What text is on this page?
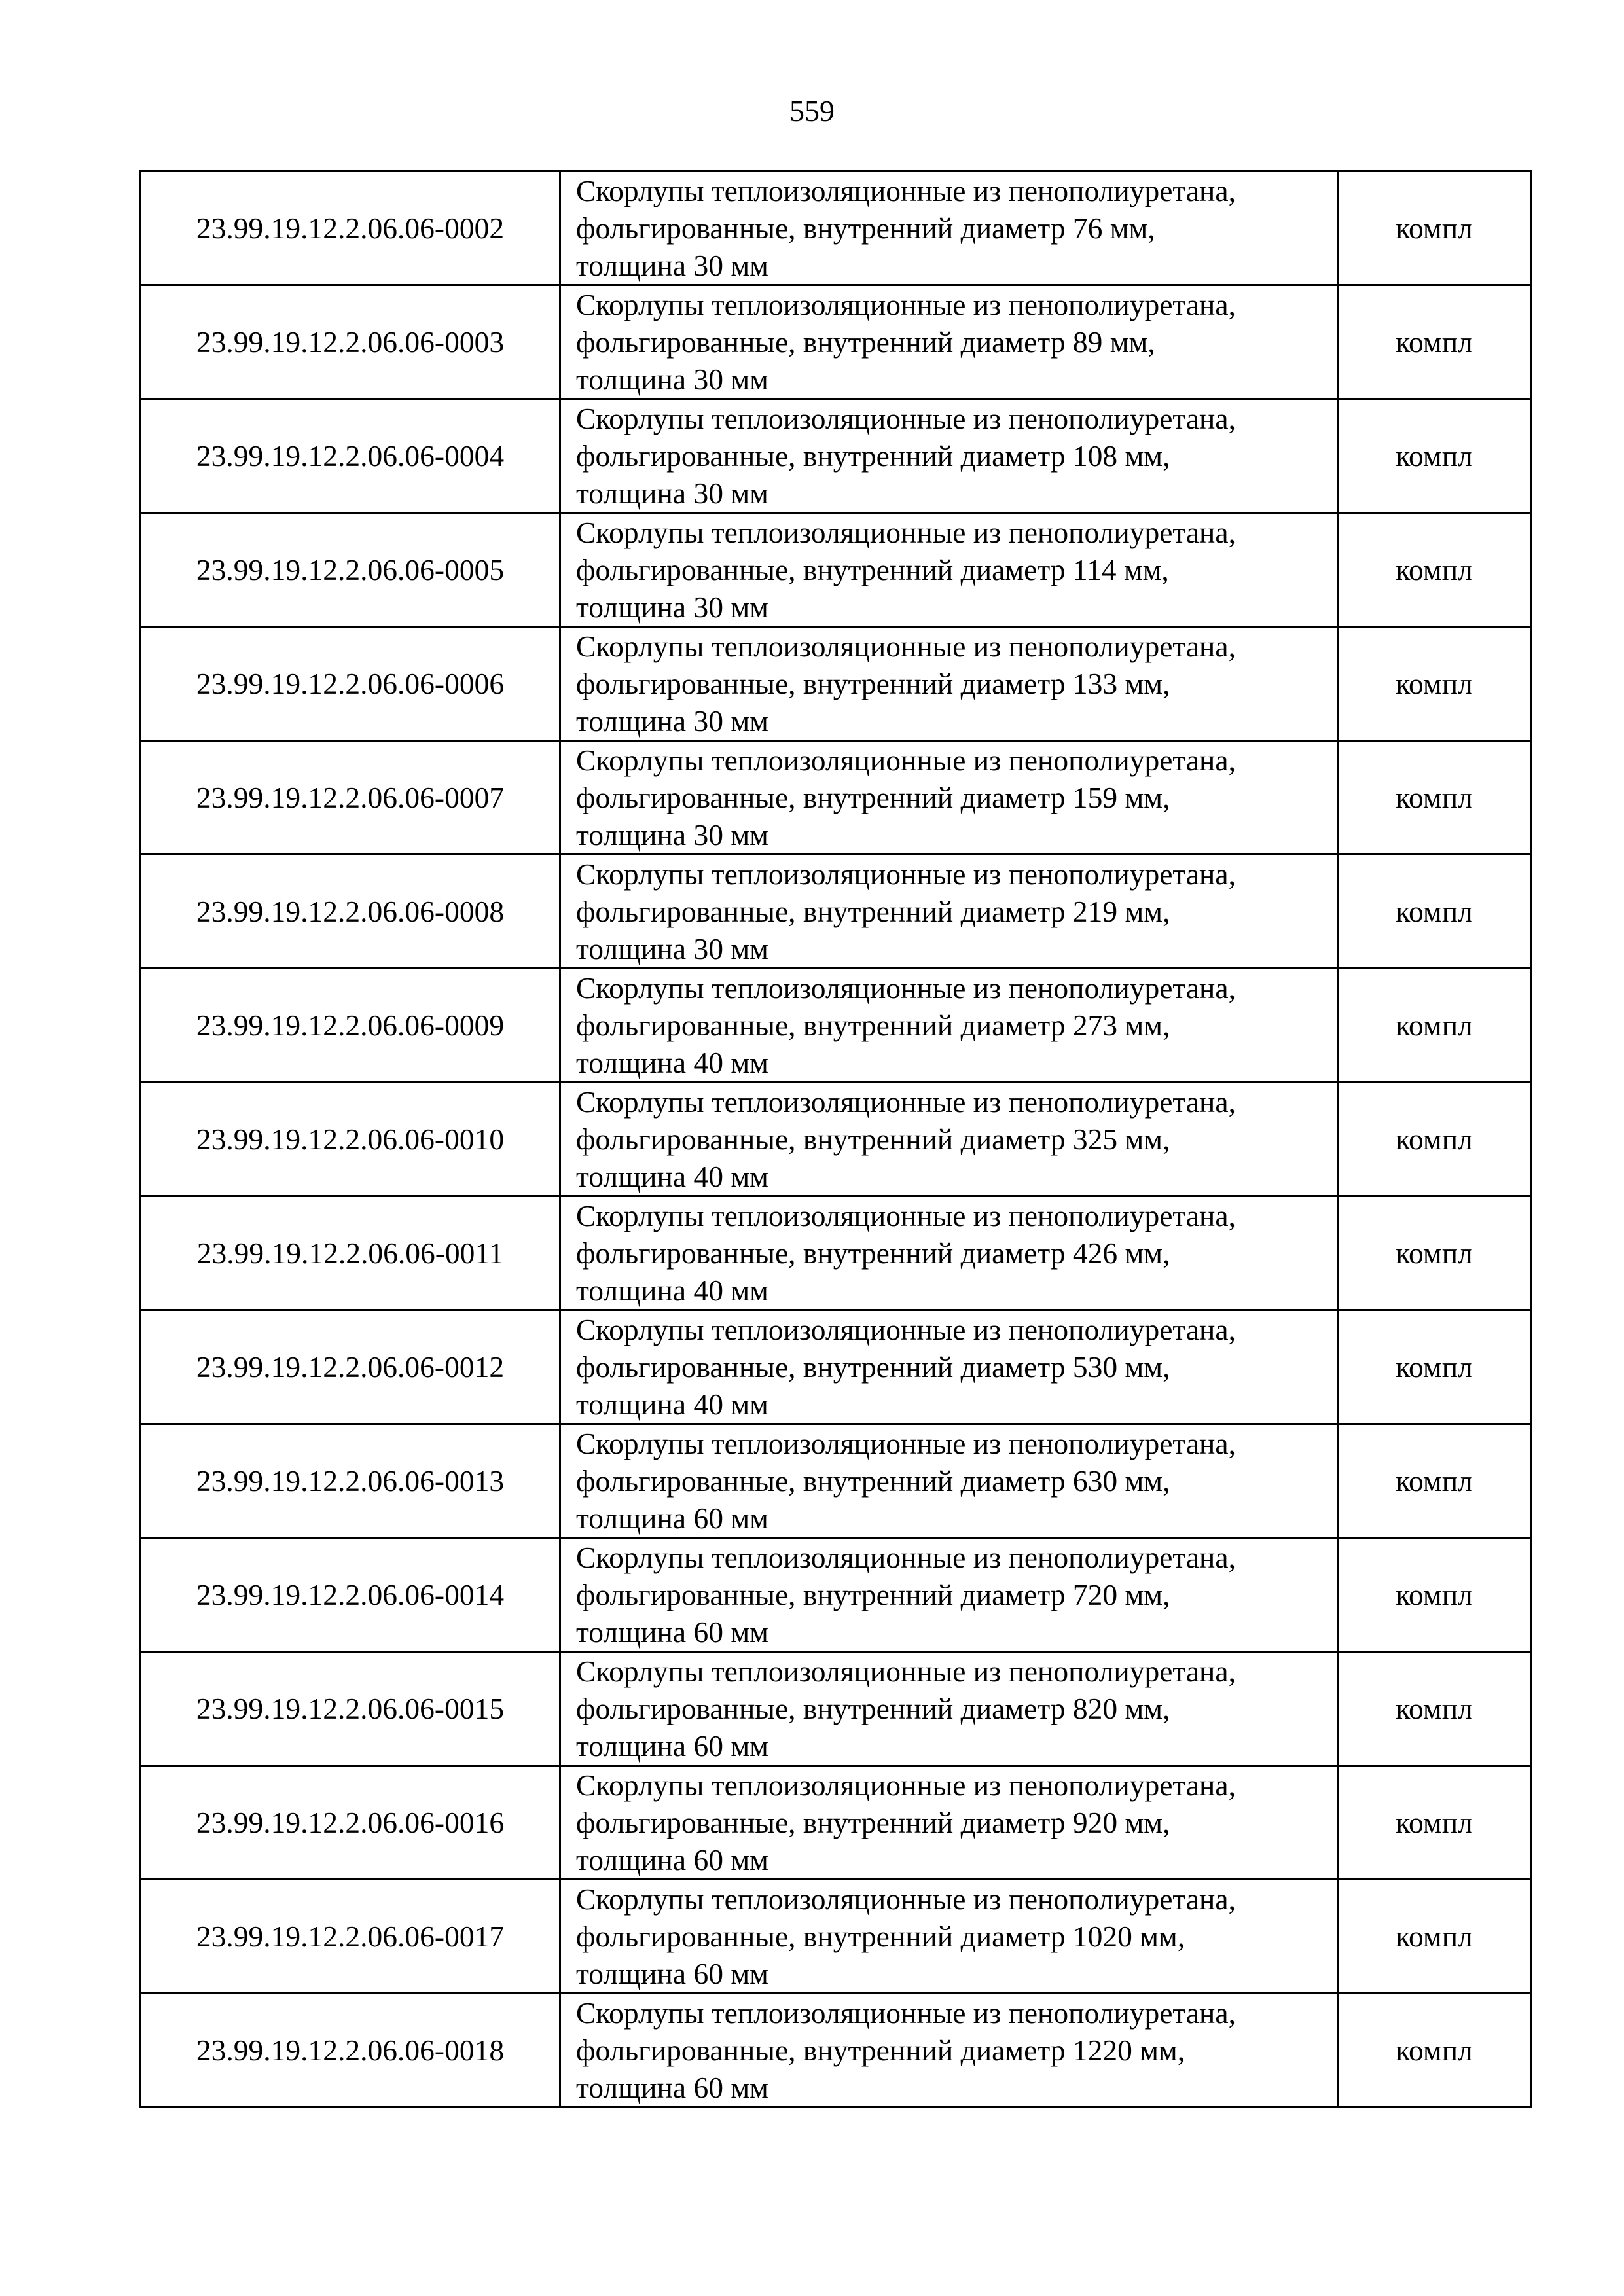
559
23.99.19.12.2.06.06-0002	Скорлупы теплоизоляционные из пенополиуретана,
фольгированные, внутренний диаметр 76 мм,
толщина 30 мм	компл
23.99.19.12.2.06.06-0003	Скорлупы теплоизоляционные из пенополиуретана,
фольгированные, внутренний диаметр 89 мм,
толщина 30 мм	компл
23.99.19.12.2.06.06-0004	Скорлупы теплоизоляционные из пенополиуретана,
фольгированные, внутренний диаметр 108 мм,
толщина 30 мм	компл
23.99.19.12.2.06.06-0005	Скорлупы теплоизоляционные из пенополиуретана,
фольгированные, внутренний диаметр 114 мм,
толщина 30 мм	компл
23.99.19.12.2.06.06-0006	Скорлупы теплоизоляционные из пенополиуретана,
фольгированные, внутренний диаметр 133 мм,
толщина 30 мм	компл
23.99.19.12.2.06.06-0007	Скорлупы теплоизоляционные из пенополиуретана,
фольгированные, внутренний диаметр 159 мм,
толщина 30 мм	компл
23.99.19.12.2.06.06-0008	Скорлупы теплоизоляционные из пенополиуретана,
фольгированные, внутренний диаметр 219 мм,
толщина 30 мм	компл
23.99.19.12.2.06.06-0009	Скорлупы теплоизоляционные из пенополиуретана,
фольгированные, внутренний диаметр 273 мм,
толщина 40 мм	компл
23.99.19.12.2.06.06-0010	Скорлупы теплоизоляционные из пенополиуретана,
фольгированные, внутренний диаметр 325 мм,
толщина 40 мм	компл
23.99.19.12.2.06.06-0011	Скорлупы теплоизоляционные из пенополиуретана,
фольгированные, внутренний диаметр 426 мм,
толщина 40 мм	компл
23.99.19.12.2.06.06-0012	Скорлупы теплоизоляционные из пенополиуретана,
фольгированные, внутренний диаметр 530 мм,
толщина 40 мм	компл
23.99.19.12.2.06.06-0013	Скорлупы теплоизоляционные из пенополиуретана,
фольгированные, внутренний диаметр 630 мм,
толщина 60 мм	компл
23.99.19.12.2.06.06-0014	Скорлупы теплоизоляционные из пенополиуретана,
фольгированные, внутренний диаметр 720 мм,
толщина 60 мм	компл
23.99.19.12.2.06.06-0015	Скорлупы теплоизоляционные из пенополиуретана,
фольгированные, внутренний диаметр 820 мм,
толщина 60 мм	компл
23.99.19.12.2.06.06-0016	Скорлупы теплоизоляционные из пенополиуретана,
фольгированные, внутренний диаметр 920 мм,
толщина 60 мм	компл
23.99.19.12.2.06.06-0017	Скорлупы теплоизоляционные из пенополиуретана,
фольгированные, внутренний диаметр 1020 мм,
толщина 60 мм	компл
23.99.19.12.2.06.06-0018	Скорлупы теплоизоляционные из пенополиуретана,
фольгированные, внутренний диаметр 1220 мм,
толщина 60 мм	компл
